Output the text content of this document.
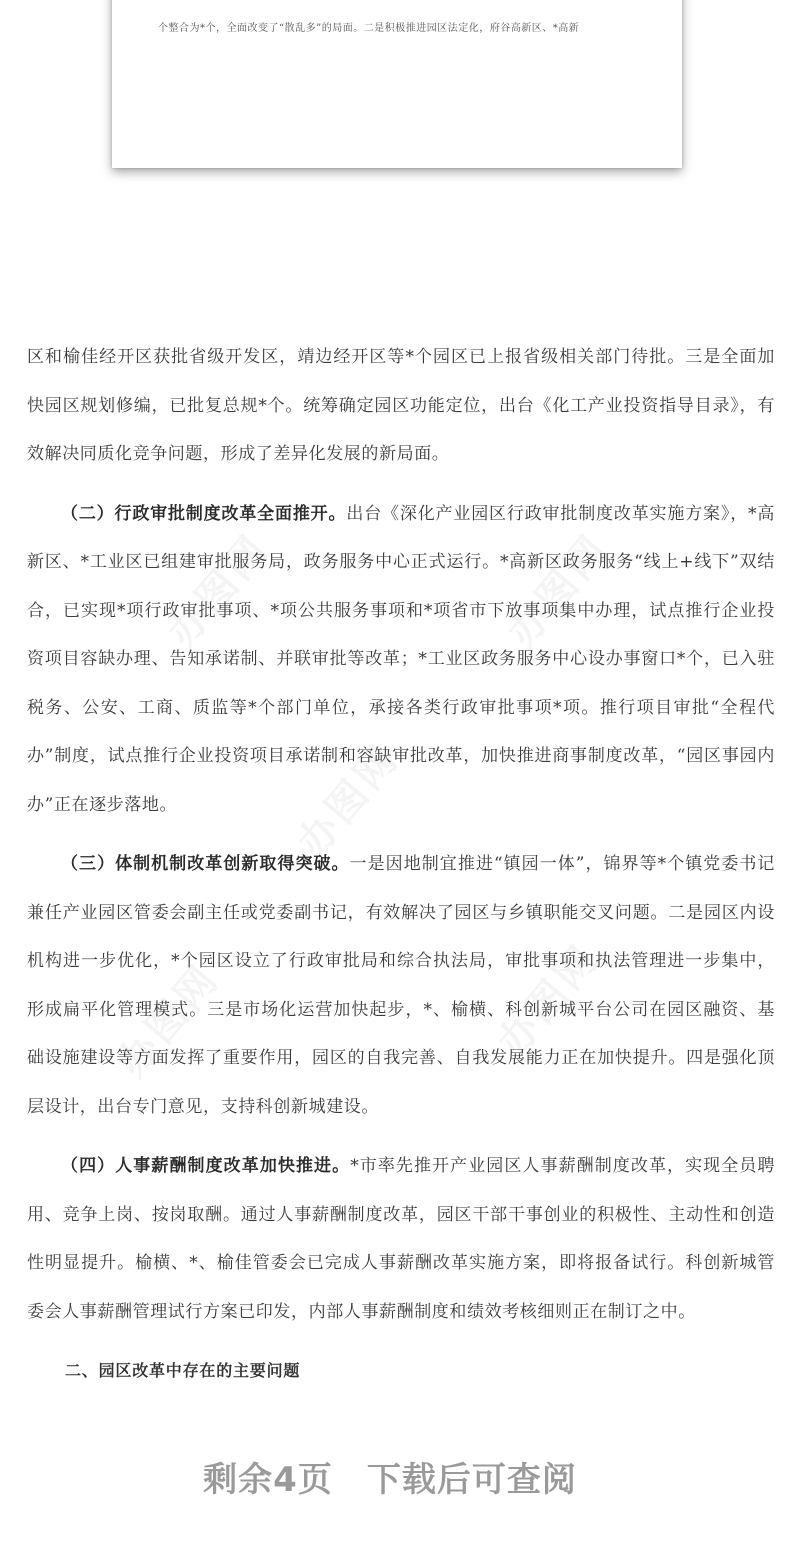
个整合为*个，全面改变了“散乱多”的局面。二是积极推进园区法定化，府谷高新区、*高新
办图网	办图网
办图网
办图网	办图网

区和榆佳经开区获批省级开发区，靖边经开区等*个园区已上报省级相关部门待批。三是全面加快园区规划修编，已批复总规*个。统筹确定园区功能定位，出台《化工产业投资指导目录》，有效解决同质化竞争问题，形成了差异化发展的新局面。

（二）行政审批制度改革全面推开。出台《深化产业园区行政审批制度改革实施方案》，*高新区、*工业区已组建审批服务局，政务服务中心正式运行。*高新区政务服务“线上+线下”双结合，已实现*项行政审批事项、*项公共服务事项和*项省市下放事项集中办理，试点推行企业投资项目容缺办理、告知承诺制、并联审批等改革；*工业区政务服务中心设办事窗口*个，已入驻税务、公安、工商、质监等*个部门单位，承接各类行政审批事项*项。推行项目审批“全程代办”制度，试点推行企业投资项目承诺制和容缺审批改革，加快推进商事制度改革，“园区事园内办”正在逐步落地。

（三）体制机制改革创新取得突破。一是因地制宜推进“镇园一体”，锦界等*个镇党委书记兼任产业园区管委会副主任或党委副书记，有效解决了园区与乡镇职能交叉问题。二是园区内设机构进一步优化，*个园区设立了行政审批局和综合执法局，审批事项和执法管理进一步集中，形成扁平化管理模式。三是市场化运营加快起步，*、榆横、科创新城平台公司在园区融资、基础设施建设等方面发挥了重要作用，园区的自我完善、自我发展能力正在加快提升。四是强化顶层设计，出台专门意见，支持科创新城建设。

（四）人事薪酬制度改革加快推进。*市率先推开产业园区人事薪酬制度改革，实现全员聘用、竞争上岗、按岗取酬。通过人事薪酬制度改革，园区干部干事创业的积极性、主动性和创造性明显提升。榆横、*、榆佳管委会已完成人事薪酬改革实施方案，即将报备试行。科创新城管委会人事薪酬管理试行方案已印发，内部人事薪酬制度和绩效考核细则正在制订之中。

二、园区改革中存在的主要问题

剩余4页 下载后可查阅
